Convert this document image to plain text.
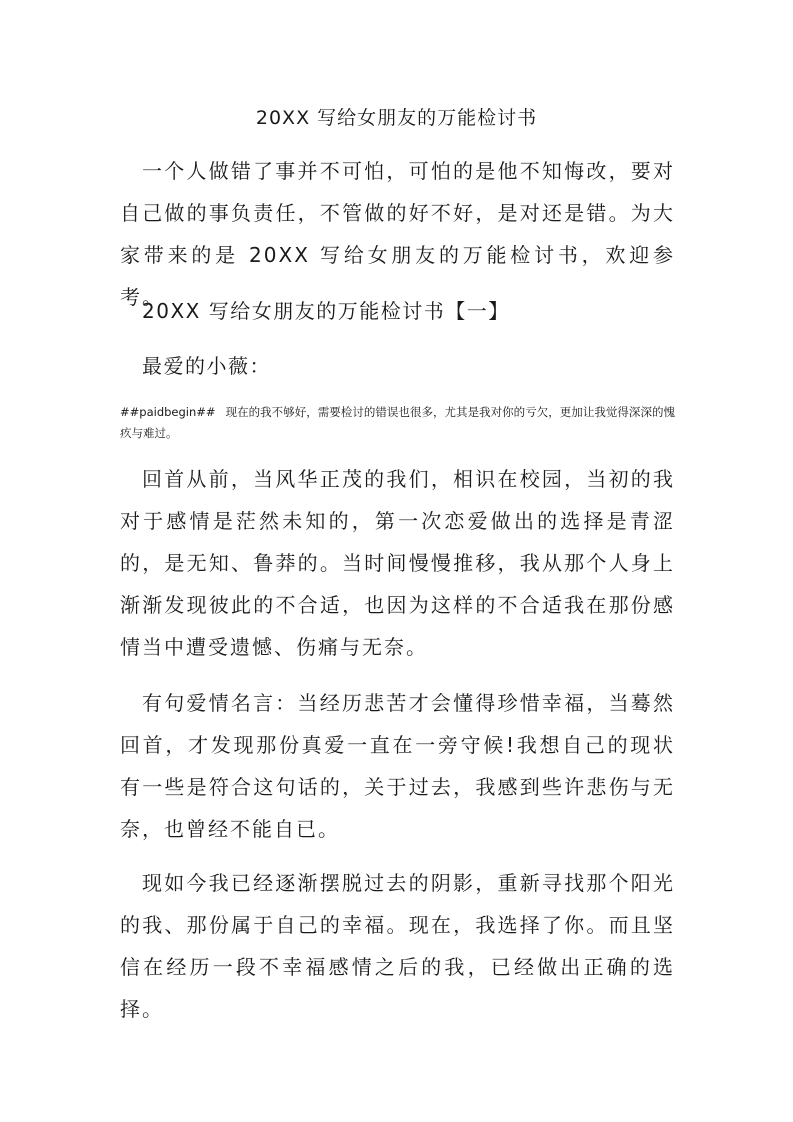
20XX 写给女朋友的万能检讨书

一个人做错了事并不可怕，可怕的是他不知悔改，要对自己做的事负责任，不管做的好不好，是对还是错。为大家带来的是 20XX 写给女朋友的万能检讨书，欢迎参考。

20XX 写给女朋友的万能检讨书【一】
最爱的小薇：

##paidbegin## 现在的我不够好，需要检讨的错误也很多，尤其是我对你的亏欠，更加让我觉得深深的愧疚与难过。

回首从前，当风华正茂的我们，相识在校园，当初的我对于感情是茫然未知的，第一次恋爱做出的选择是青涩的，是无知、鲁莽的。当时间慢慢推移，我从那个人身上渐渐发现彼此的不合适，也因为这样的不合适我在那份感情当中遭受遗憾、伤痛与无奈。

有句爱情名言：当经历悲苦才会懂得珍惜幸福，当蓦然回首，才发现那份真爱一直在一旁守候!我想自己的现状有一些是符合这句话的，关于过去，我感到些许悲伤与无奈，也曾经不能自已。

现如今我已经逐渐摆脱过去的阴影，重新寻找那个阳光的我、那份属于自己的幸福。现在，我选择了你。而且坚信在经历一段不幸福感情之后的我，已经做出正确的选择。
